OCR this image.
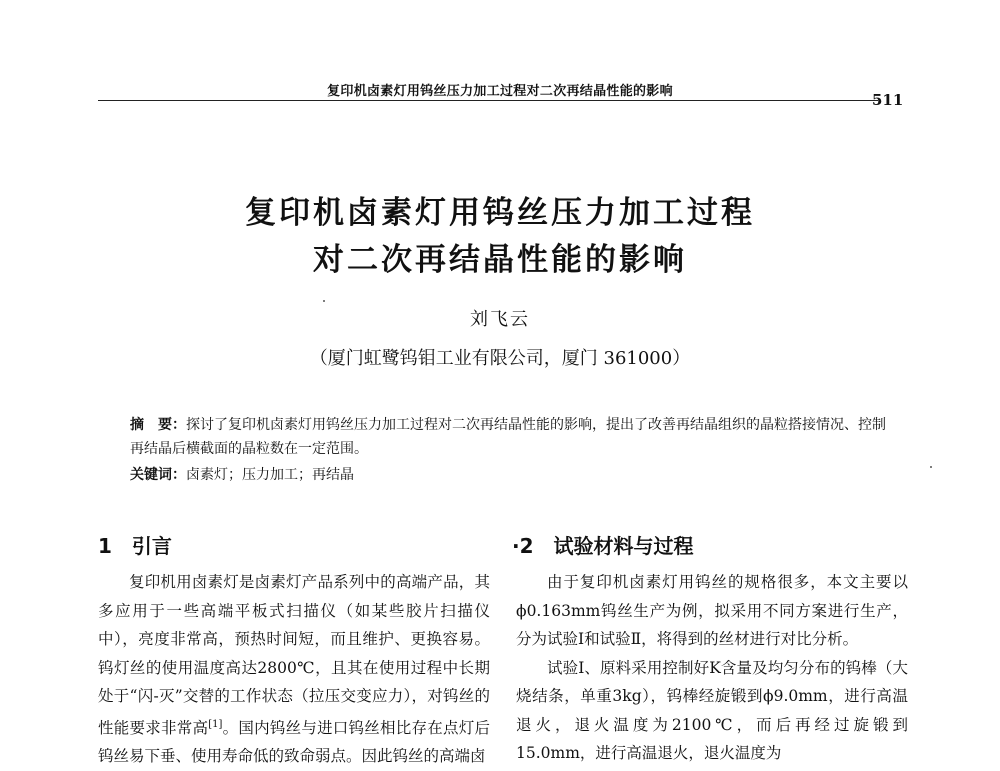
复印机卤素灯用钨丝压力加工过程对二次再结晶性能的影响	511
复印机卤素灯用钨丝压力加工过程
对二次再结晶性能的影响
刘飞云
（厦门虹鹭钨钼工业有限公司，厦门 361000）
摘　要：探讨了复印机卤素灯用钨丝压力加工过程对二次再结晶性能的影响，提出了改善再结晶组织的晶粒搭接情况、控制再结晶后横截面的晶粒数在一定范围。
关键词：卤素灯；压力加工；再结晶
1　引言	·2　试验材料与过程

复印机用卤素灯是卤素灯产品系列中的高端产品，其多应用于一些高端平板式扫描仪（如某些胶片扫描仪中），亮度非常高，预热时间短，而且维护、更换容易。钨灯丝的使用温度高达2800℃，且其在使用过程中长期处于“闪-灭”交替的工作状态（拉压交变应力），对钨丝的性能要求非常高[1]。国内钨丝与进口钨丝相比存在点灯后钨丝易下垂、使用寿命低的致命弱点。因此钨丝的高端卤

由于复印机卤素灯用钨丝的规格很多，本文主要以ϕ0.163mm钨丝生产为例，拟采用不同方案进行生产，分为试验Ⅰ和试验Ⅱ，将得到的丝材进行对比分析。

试验Ⅰ、原料采用控制好K含量及均匀分布的钨棒（大烧结条，单重3kg），钨棒经旋锻到ϕ9.0mm，进行高温退火，退火温度为2100℃，而后再经过旋锻到15.0mm，进行高温退火，退火温度为
